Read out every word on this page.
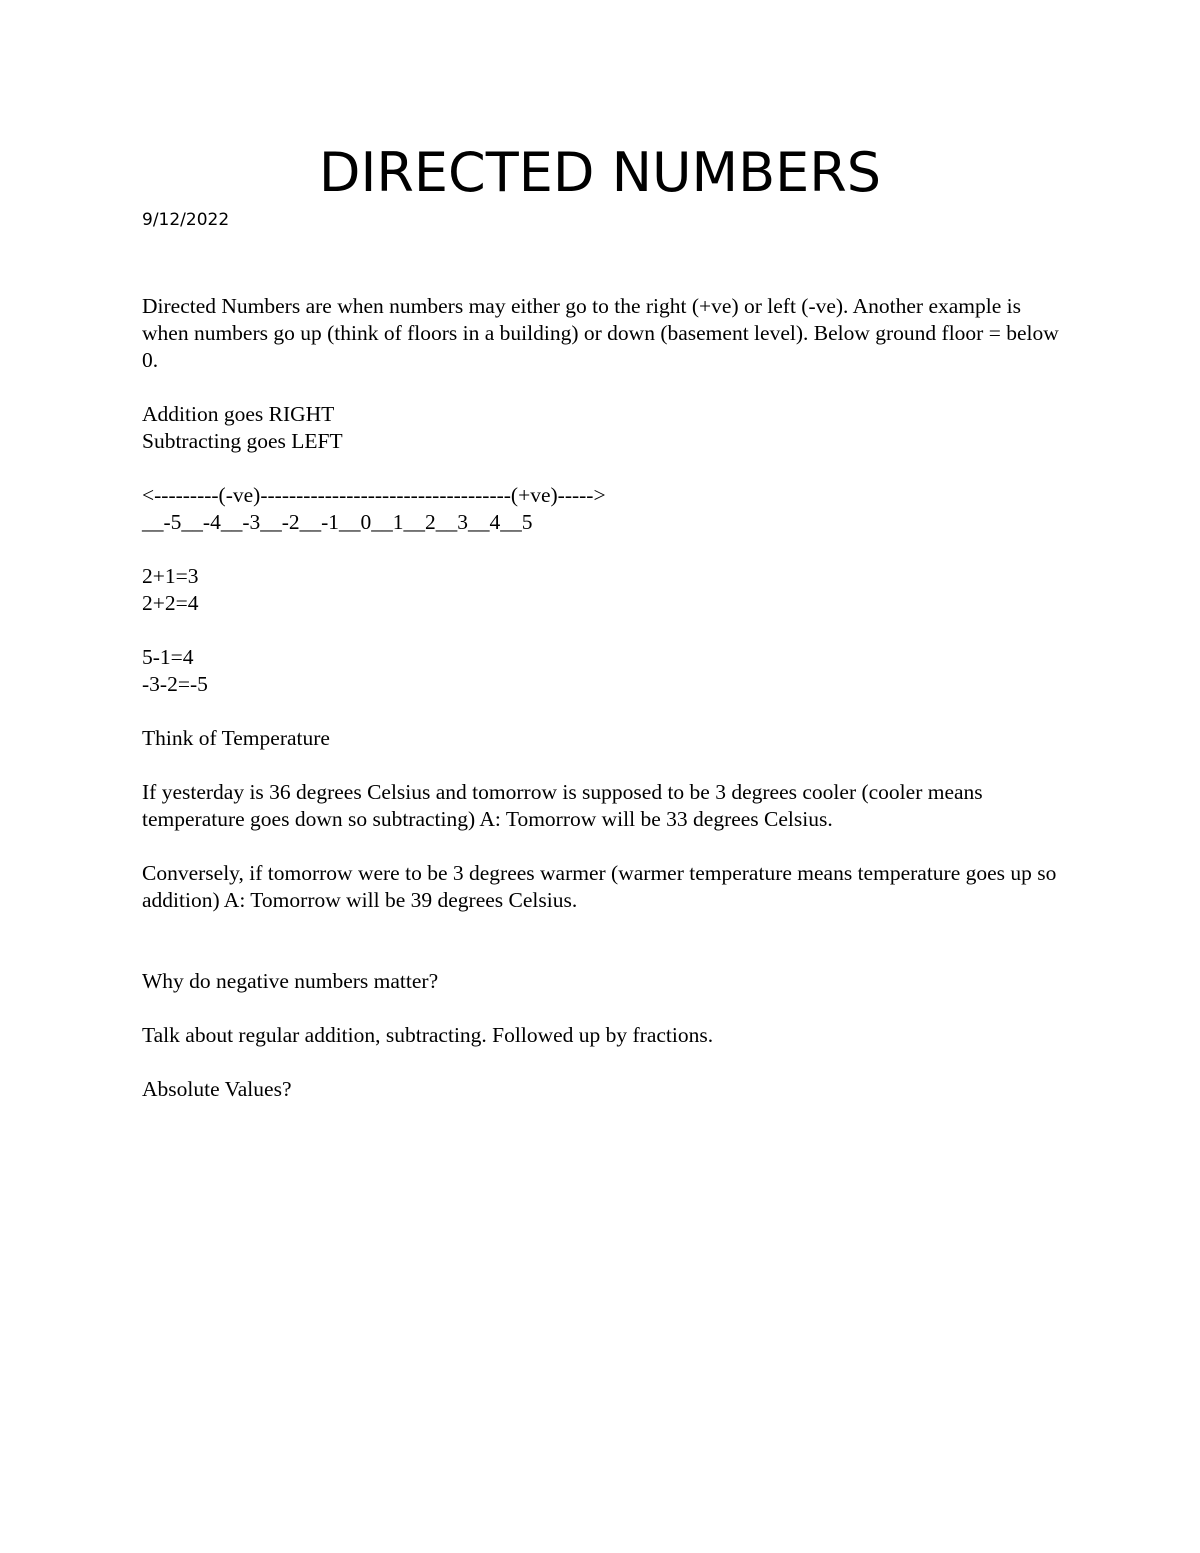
DIRECTED NUMBERS
9/12/2022

Directed Numbers are when numbers may either go to the right (+ve) or left (-ve). Another example is when numbers go up (think of floors in a building) or down (basement level). Below ground floor = below 0.

Addition goes RIGHT
Subtracting goes LEFT

<---------(-ve)-----------------------------------(+ve)----->
__-5__-4__-3__-2__-1__0__1__2__3__4__5

2+1=3
2+2=4

5-1=4
-3-2=-5

Think of Temperature

If yesterday is 36 degrees Celsius and tomorrow is supposed to be 3 degrees cooler (cooler means temperature goes down so subtracting) A: Tomorrow will be 33 degrees Celsius.

Conversely, if tomorrow were to be 3 degrees warmer (warmer temperature means temperature goes up so addition) A: Tomorrow will be 39 degrees Celsius.

Why do negative numbers matter?

Talk about regular addition, subtracting. Followed up by fractions.

Absolute Values?
